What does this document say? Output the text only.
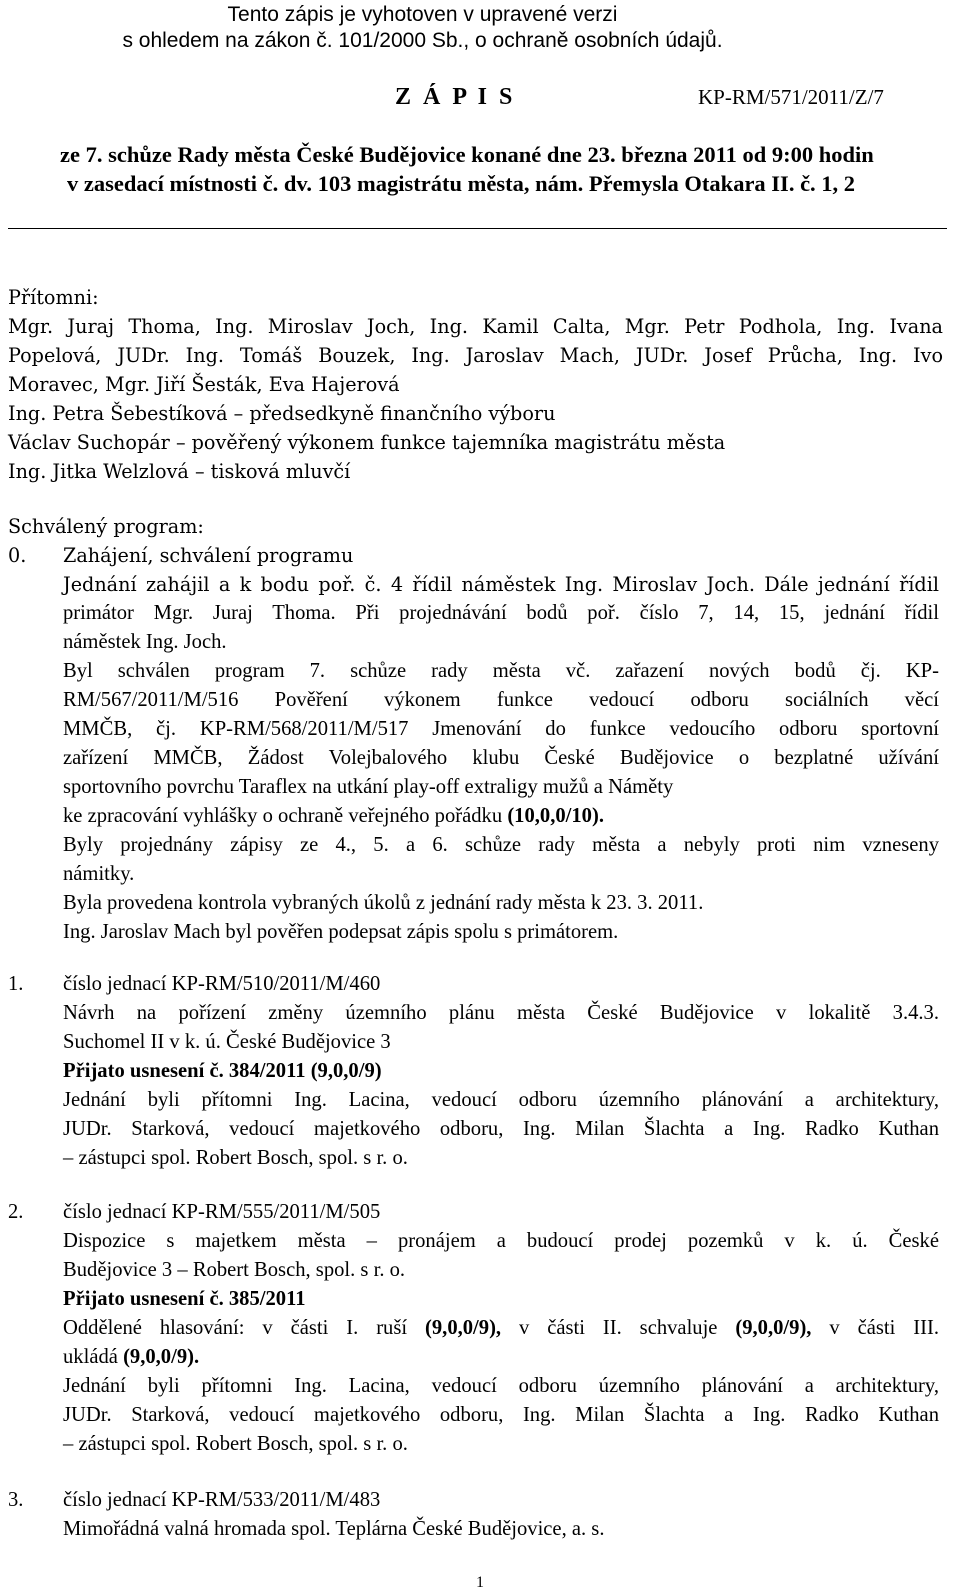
Tento zápis je vyhotoven v upravené verzi
s ohledem na zákon č. 101/2000 Sb., o ochraně osobních údajů.
KP-RM/571/2011/Z/7
Z Á P I S
ze 7. schůze Rady města České Budějovice konané dne 23. března 2011 od 9:00 hodin
v zasedací místnosti č. dv. 103 magistrátu města, nám. Přemysla Otakara II. č. 1, 2
Přítomni:
Mgr. Juraj Thoma, Ing. Miroslav Joch, Ing. Kamil Calta, Mgr. Petr Podhola, Ing. Ivana
Popelová, JUDr. Ing. Tomáš Bouzek, Ing. Jaroslav Mach, JUDr. Josef Průcha, Ing. Ivo
Moravec, Mgr. Jiří Šesták, Eva Hajerová
Ing. Petra Šebestíková – předsedkyně finančního výboru
Václav Suchopár – pověřený výkonem funkce tajemníka magistrátu města
Ing. Jitka Welzlová – tisková mluvčí
Schválený program:
0. Zahájení, schválení programu
Jednání zahájil a k bodu poř. č. 4 řídil náměstek Ing. Miroslav Joch. Dále jednání řídil
primátor Mgr. Juraj Thoma. Při projednávání bodů poř. číslo 7, 14, 15, jednání řídil
náměstek Ing. Joch.
Byl schválen program 7. schůze rady města vč. zařazení nových bodů čj. KP-
RM/567/2011/M/516 Pověření výkonem funkce vedoucí odboru sociálních věcí
MMČB, čj. KP-RM/568/2011/M/517 Jmenování do funkce vedoucího odboru sportovní
zařízení MMČB, Žádost Volejbalového klubu České Budějovice o bezplatné užívání
sportovního povrchu Taraflex na utkání play-off extraligy mužů a Náměty
ke zpracování vyhlášky o ochraně veřejného pořádku (10,0,0/10).
Byly projednány zápisy ze 4., 5. a 6. schůze rady města a nebyly proti nim vzneseny
námitky.
Byla provedena kontrola vybraných úkolů z jednání rady města k 23. 3. 2011.
Ing. Jaroslav Mach byl pověřen podepsat zápis spolu s primátorem.
1. číslo jednací KP-RM/510/2011/M/460
Návrh na pořízení změny územního plánu města České Budějovice v lokalitě 3.4.3.
Suchomel II v k. ú. České Budějovice 3
Přijato usnesení č. 384/2011 (9,0,0/9)
Jednání byli přítomni Ing. Lacina, vedoucí odboru územního plánování a architektury,
JUDr. Starková, vedoucí majetkového odboru, Ing. Milan Šlachta a Ing. Radko Kuthan
– zástupci spol. Robert Bosch, spol. s r. o.
2. číslo jednací KP-RM/555/2011/M/505
Dispozice s majetkem města – pronájem a budoucí prodej pozemků v k. ú. České
Budějovice 3 – Robert Bosch, spol. s r. o.
Přijato usnesení č. 385/2011
Oddělené hlasování: v části I. ruší (9,0,0/9), v části II. schvaluje (9,0,0/9), v části III.
ukládá (9,0,0/9).
Jednání byli přítomni Ing. Lacina, vedoucí odboru územního plánování a architektury,
JUDr. Starková, vedoucí majetkového odboru, Ing. Milan Šlachta a Ing. Radko Kuthan
– zástupci spol. Robert Bosch, spol. s r. o.
3. číslo jednací KP-RM/533/2011/M/483
Mimořádná valná hromada spol. Teplárna České Budějovice, a. s.
1
